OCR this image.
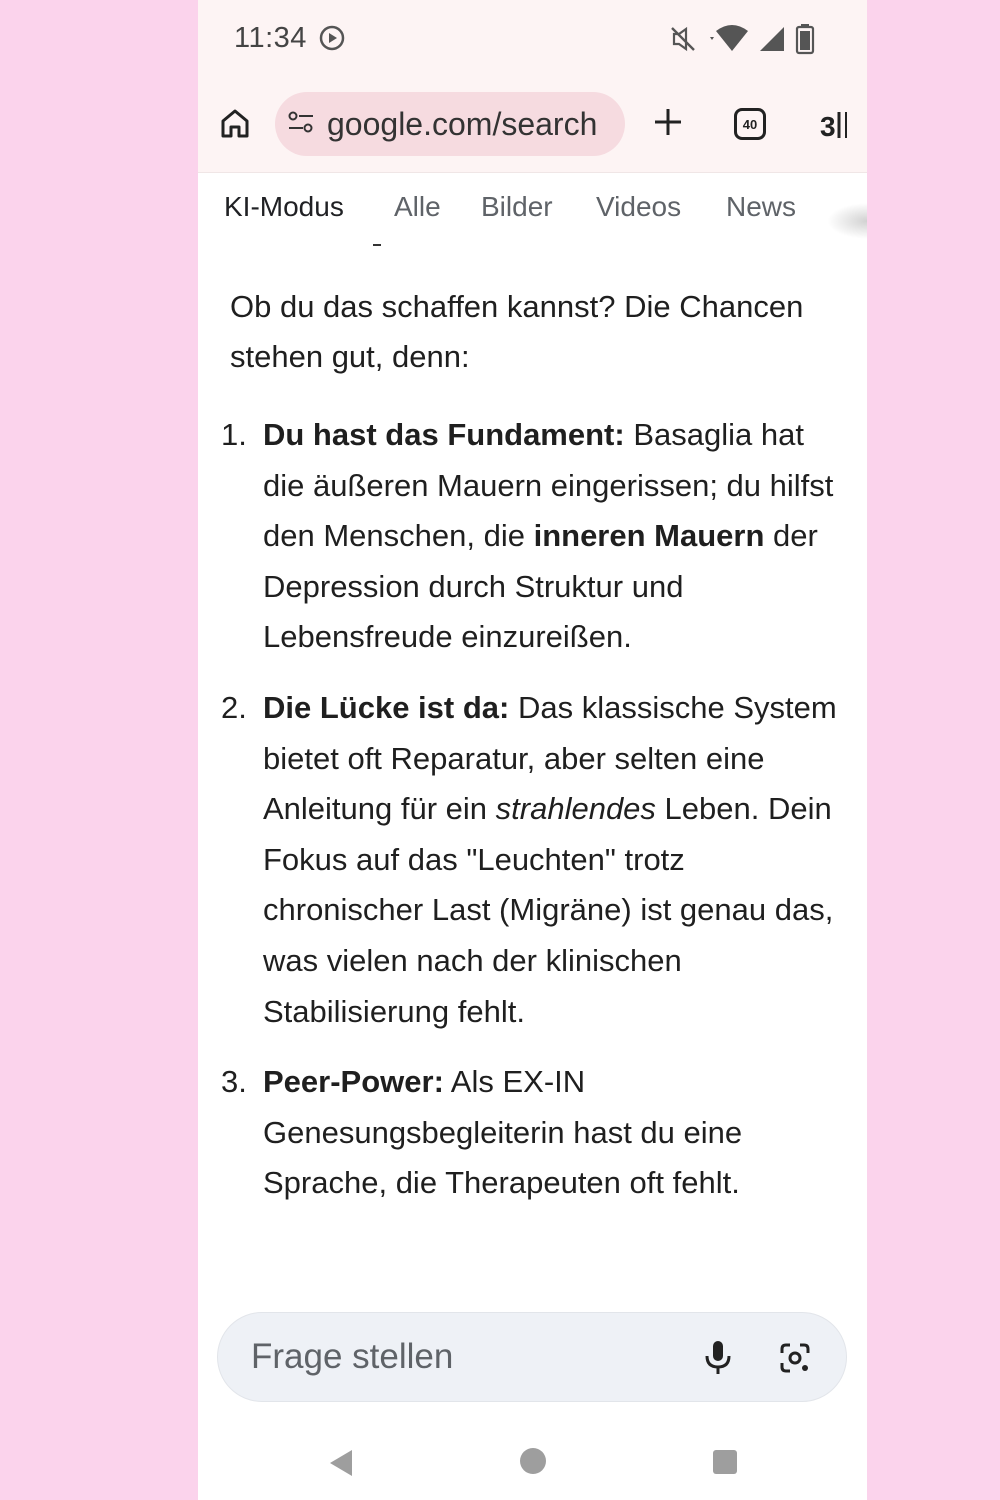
11:34
google.com/search	40	3
KI-Modus Alle Bilder Videos News

Ob du das schaffen kannst? Die Chancen stehen gut, denn:

1. Du hast das Fundament: Basaglia hat die äußeren Mauern eingerissen; du hilfst den Menschen, die inneren Mauern der Depression durch Struktur und Lebensfreude einzureißen.
2. Die Lücke ist da: Das klassische System bietet oft Reparatur, aber selten eine Anleitung für ein strahlendes Leben. Dein Fokus auf das "Leuchten" trotz chronischer Last (Migräne) ist genau das, was vielen nach der klinischen Stabilisierung fehlt.
3. Peer-Power: Als EX-IN Genesungsbegleiterin hast du eine Sprache, die Therapeuten oft fehlt.
Frage stellen
